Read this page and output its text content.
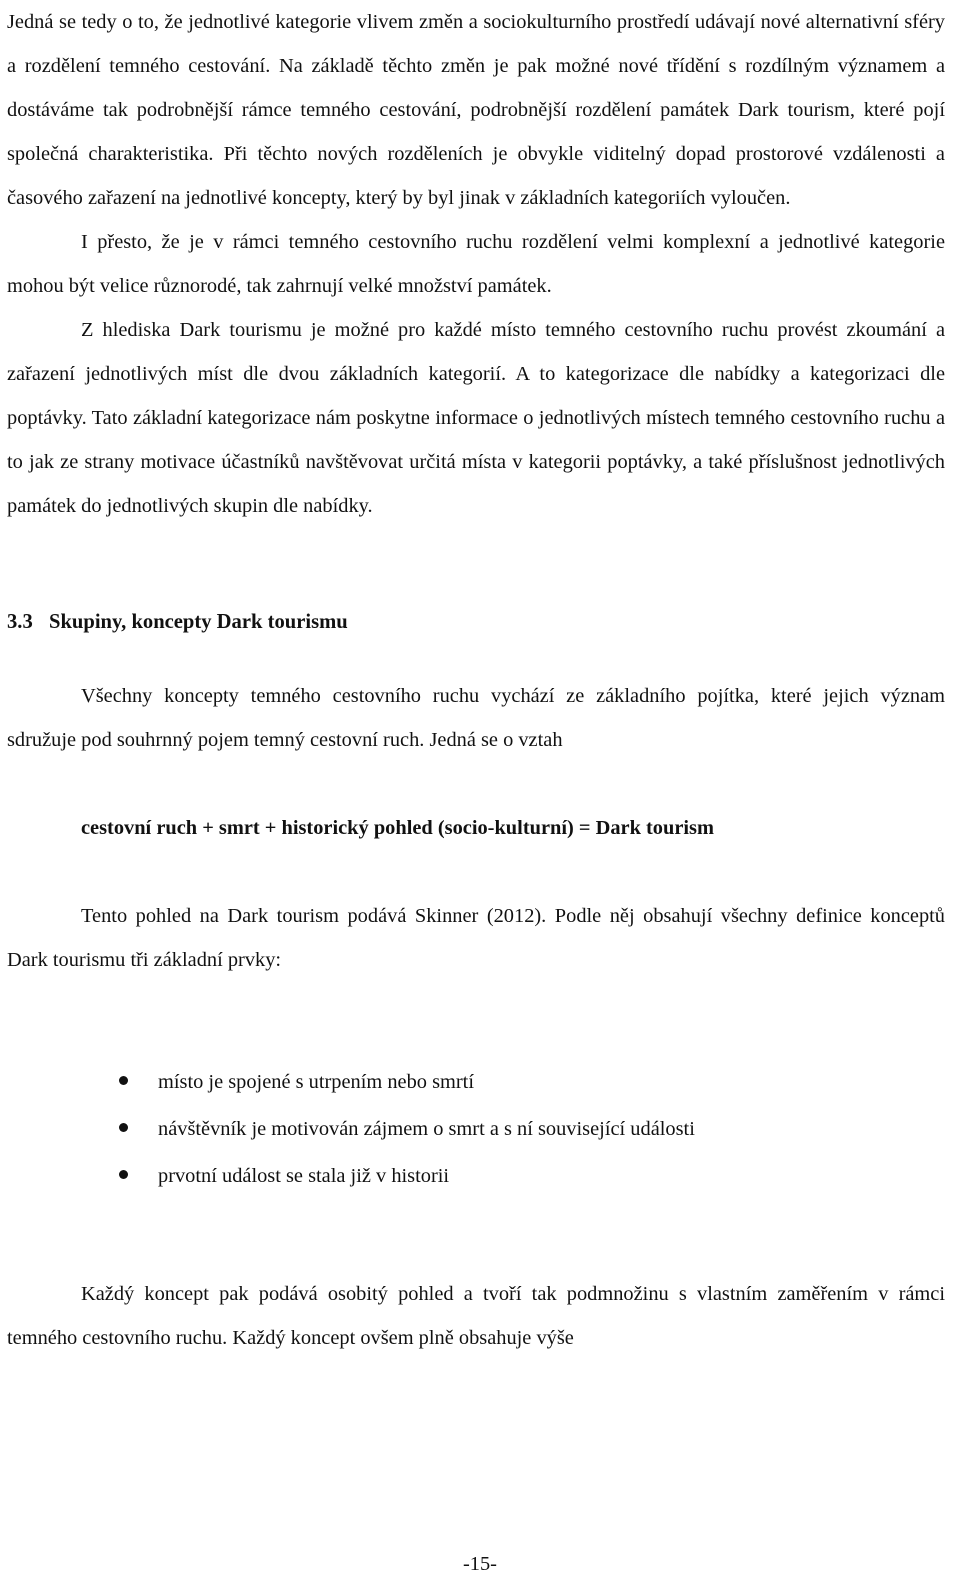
Jedná se tedy o to, že jednotlivé kategorie vlivem změn a sociokulturního prostředí udávají nové alternativní sféry a rozdělení temného cestování. Na základě těchto změn je pak možné nové třídění s rozdílným významem a dostáváme tak podrobnější rámce temného cestování, podrobnější rozdělení památek Dark tourism, které pojí společná charakteristika. Při těchto nových rozděleních je obvykle viditelný dopad prostorové vzdálenosti a časového zařazení na jednotlivé koncepty, který by byl jinak v základních kategoriích vyloučen.

I přesto, že je v rámci temného cestovního ruchu rozdělení velmi komplexní a jednotlivé kategorie mohou být velice různorodé, tak zahrnují velké množství památek.

Z hlediska Dark tourismu je možné pro každé místo temného cestovního ruchu provést zkoumání a zařazení jednotlivých míst dle dvou základních kategorií. A to kategorizace dle nabídky a kategorizaci dle poptávky. Tato základní kategorizace nám poskytne informace o jednotlivých místech temného cestovního ruchu a to jak ze strany motivace účastníků navštěvovat určitá místa v kategorii poptávky, a také příslušnost jednotlivých památek do jednotlivých skupin dle nabídky.

3.3 Skupiny, koncepty Dark tourismu

Všechny koncepty temného cestovního ruchu vychází ze základního pojítka, které jejich význam sdružuje pod souhrnný pojem temný cestovní ruch. Jedná se o vztah

cestovní ruch + smrt + historický pohled (socio-kulturní) = Dark tourism

Tento pohled na Dark tourism podává Skinner (2012). Podle něj obsahují všechny definice konceptů Dark tourismu tři základní prvky:

místo je spojené s utrpením nebo smrtí
návštěvník je motivován zájmem o smrt a s ní související události
prvotní událost se stala již v historii

Každý koncept pak podává osobitý pohled a tvoří tak podmnožinu s vlastním zaměřením v rámci temného cestovního ruchu. Každý koncept ovšem plně obsahuje výše

-15-
